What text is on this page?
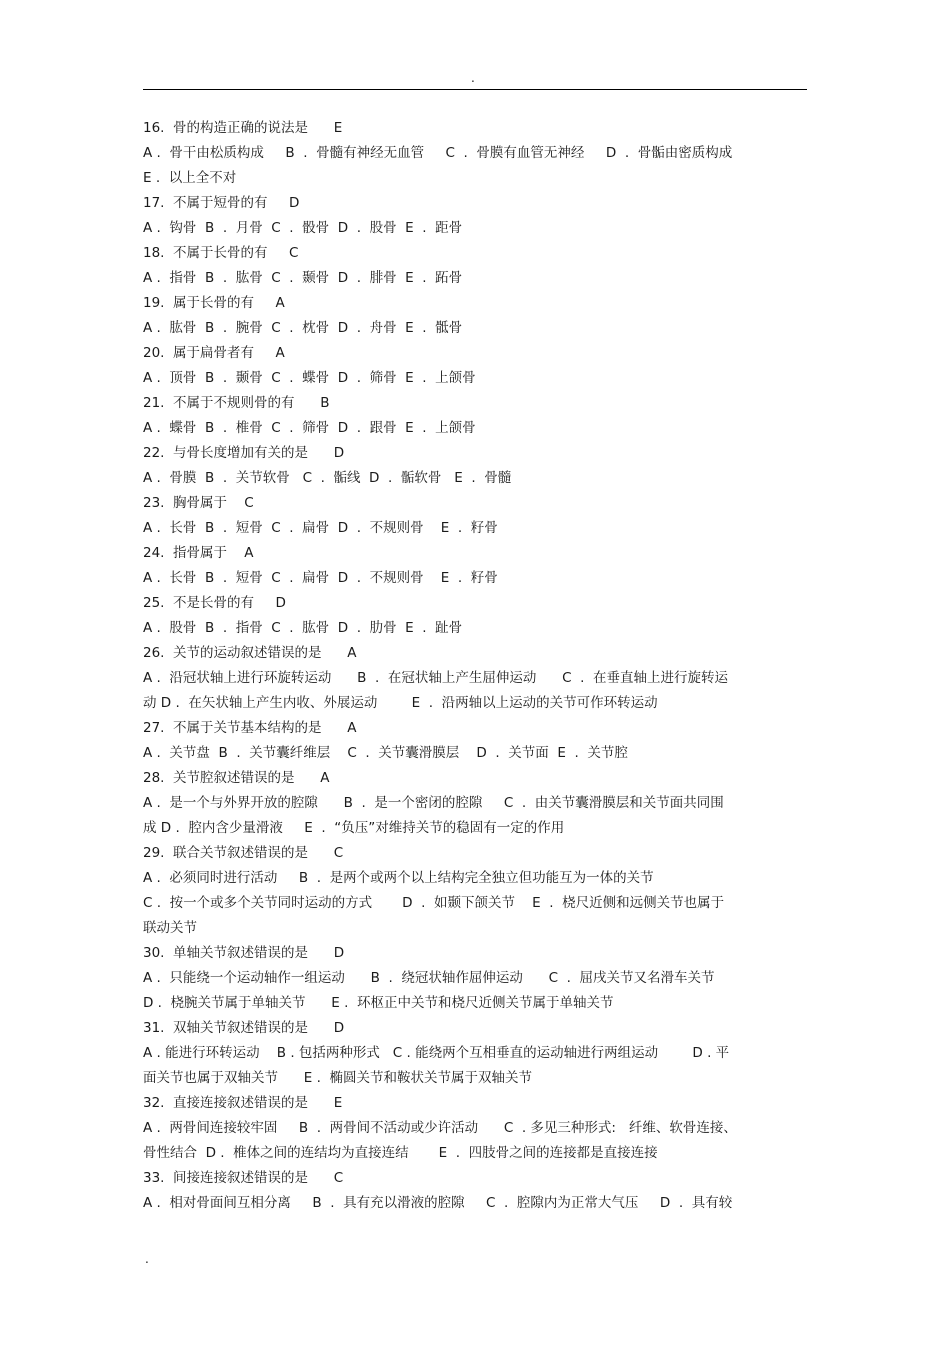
.
16.  骨的构造正确的说法是      E
A .  骨干由松质构成     B  .  骨髓有神经无血管     C  .  骨膜有血管无神经     D  .  骨骺由密质构成
E .  以上全不对
17.  不属于短骨的有     D
A .  钩骨  B  .  月骨  C  .  骰骨  D  .  股骨  E  .  距骨
18.  不属于长骨的有     C
A .  指骨  B  .  肱骨  C  .  颞骨  D  .  腓骨  E  .  跖骨
19.  属于长骨的有     A
A .  肱骨  B  .  腕骨  C  .  枕骨  D  .  舟骨  E  .  骶骨
20.  属于扁骨者有     A
A .  顶骨  B  .  颞骨  C  .  蝶骨  D  .  筛骨  E  .  上颌骨
21.  不属于不规则骨的有      B
A .  蝶骨  B  .  椎骨  C  .  筛骨  D  .  跟骨  E  .  上颌骨
22.  与骨长度增加有关的是      D
A .  骨膜  B  .  关节软骨   C  .  骺线  D  .  骺软骨   E  .  骨髓
23.  胸骨属于    C
A .  长骨  B  .  短骨  C  .  扁骨  D  .  不规则骨    E  .  籽骨
24.  指骨属于    A
A .  长骨  B  .  短骨  C  .  扁骨  D  .  不规则骨    E  .  籽骨
25.  不是长骨的有     D
A .  股骨  B  .  指骨  C  .  肱骨  D  .  肋骨  E  .  趾骨
26.  关节的运动叙述错误的是      A
A .  沿冠状轴上进行环旋转运动      B  .  在冠状轴上产生屈伸运动      C  .  在垂直轴上进行旋转运
动 D .  在矢状轴上产生内收、外展运动        E  .  沿两轴以上运动的关节可作环转运动
27.  不属于关节基本结构的是      A
A .  关节盘  B  .  关节囊纤维层    C  .  关节囊滑膜层    D  .  关节面  E  .  关节腔
28.  关节腔叙述错误的是      A
A .  是一个与外界开放的腔隙      B  .  是一个密闭的腔隙     C  .  由关节囊滑膜层和关节面共同围
成 D .  腔内含少量滑液     E  .  “负压”对维持关节的稳固有一定的作用
29.  联合关节叙述错误的是      C
A .  必须同时进行活动     B  .  是两个或两个以上结构完全独立但功能互为一体的关节
C .  按一个或多个关节同时运动的方式       D  .  如颞下颌关节    E  .  桡尺近侧和远侧关节也属于
联动关节
30.  单轴关节叙述错误的是      D
A .  只能绕一个运动轴作一组运动      B  .  绕冠状轴作屈伸运动      C  .  屈戌关节又名滑车关节
D .  桡腕关节属于单轴关节      E .  环枢正中关节和桡尺近侧关节属于单轴关节
31.  双轴关节叙述错误的是      D
A . 能进行环转运动    B . 包括两种形式   C . 能绕两个互相垂直的运动轴进行两组运动        D . 平
面关节也属于双轴关节      E .  椭圆关节和鞍状关节属于双轴关节
32.  直接连接叙述错误的是      E
A .  两骨间连接较牢固     B  .  两骨间不活动或少许活动      C  . 多见三种形式:   纤维、软骨连接、
骨性结合  D .  椎体之间的连结均为直接连结       E  .  四肢骨之间的连接都是直接连接
33.  间接连接叙述错误的是      C
A .  相对骨面间互相分离     B  .  具有充以滑液的腔隙     C  .  腔隙内为正常大气压     D  .  具有较
.
